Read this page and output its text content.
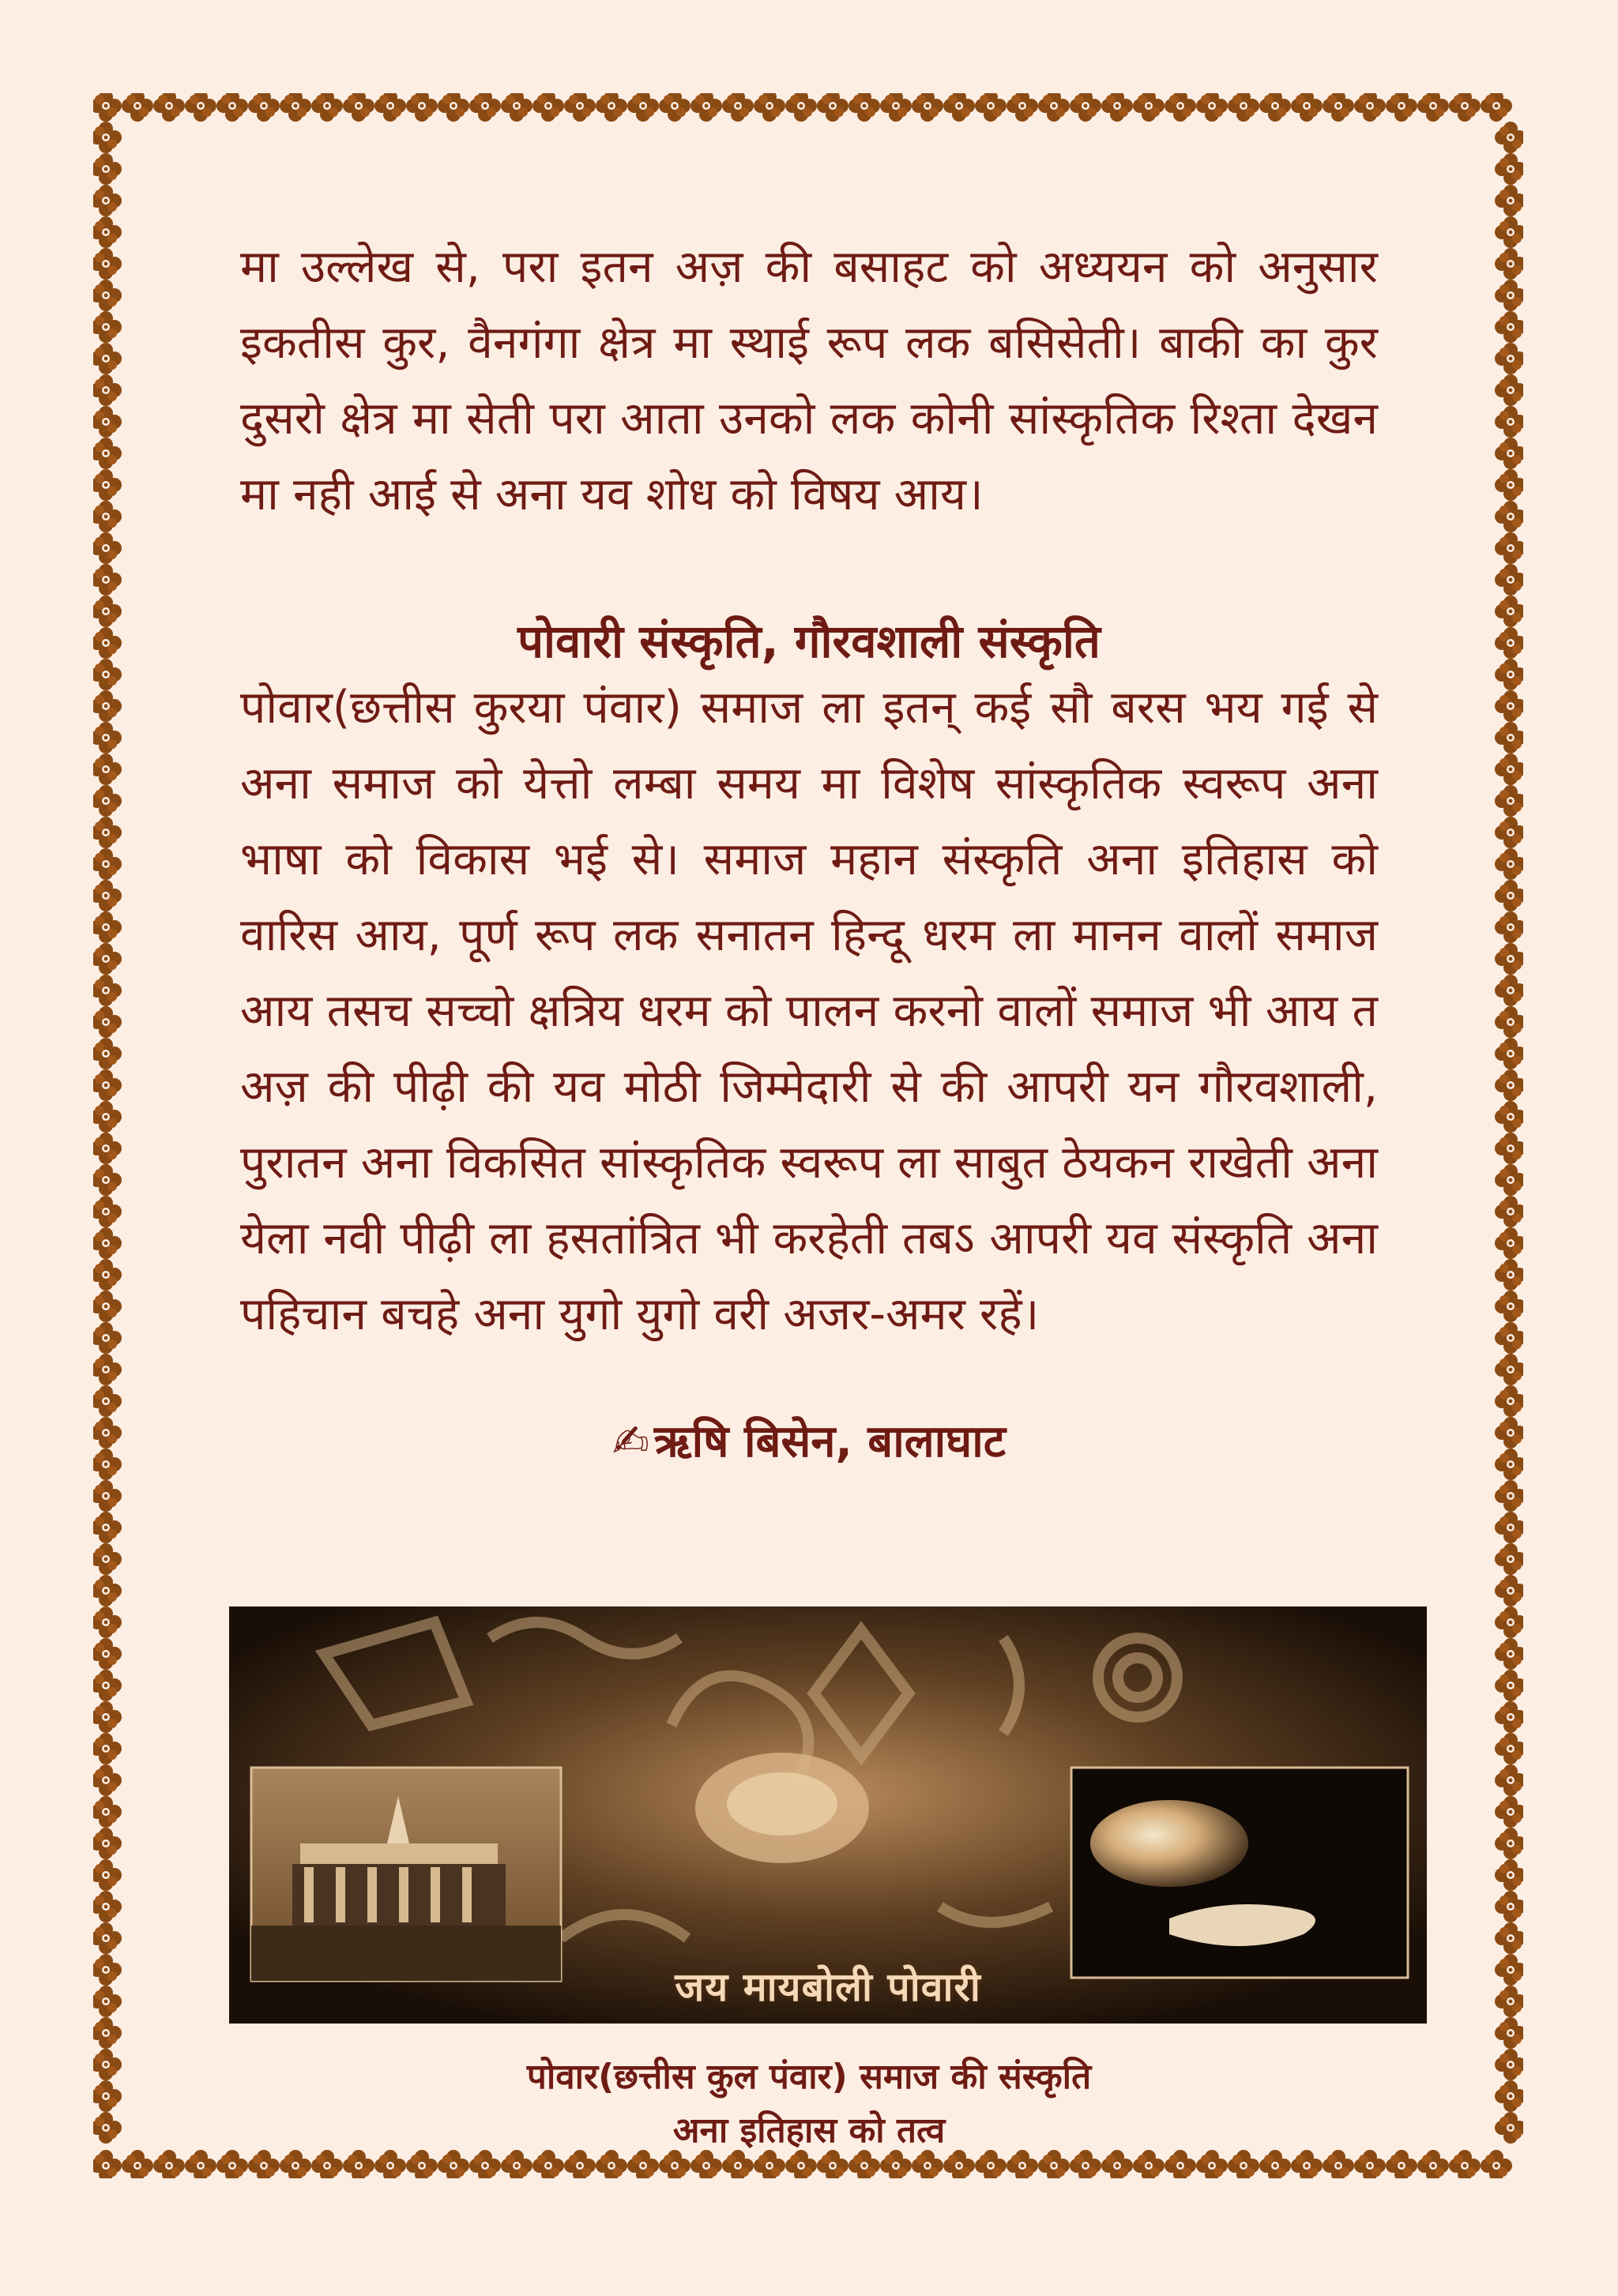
मा उल्लेख से, परा इतन अज़ की बसाहट को अध्ययन को अनुसार इकतीस कुर, वैनगंगा क्षेत्र मा स्थाई रूप लक बसिसेती। बाकी का कुर दुसरो क्षेत्र मा सेती परा आता उनको लक कोनी सांस्कृतिक रिश्ता देखन मा नही आई से अना यव शोध को विषय आय।

पोवारी संस्कृति, गौरवशाली संस्कृति

पोवार(छत्तीस कुरया पंवार) समाज ला इतन् कई सौ बरस भय गई से अना समाज को येत्तो लम्बा समय मा विशेष सांस्कृतिक स्वरूप अना भाषा को विकास भई से। समाज महान संस्कृति अना इतिहास को वारिस आय, पूर्ण रूप लक सनातन हिन्दू धरम ला मानन वालों समाज आय तसच सच्चो क्षत्रिय धरम को पालन करनो वालों समाज भी आय त अज़ की पीढ़ी की यव मोठी जिम्मेदारी से की आपरी यन गौरवशाली, पुरातन अना विकसित सांस्कृतिक स्वरूप ला साबुत ठेयकन राखेती अना येला नवी पीढ़ी ला हसतांत्रित भी करहेती तबऽ आपरी यव संस्कृति अना पहिचान बचहे अना युगो युगो वरी अजर-अमर रहें।

✍ ऋषि बिसेन, बालाघाट
जय मायबोली पोवारी
पोवार(छत्तीस कुल पंवार) समाज की संस्कृति
अना इतिहास को तत्व
